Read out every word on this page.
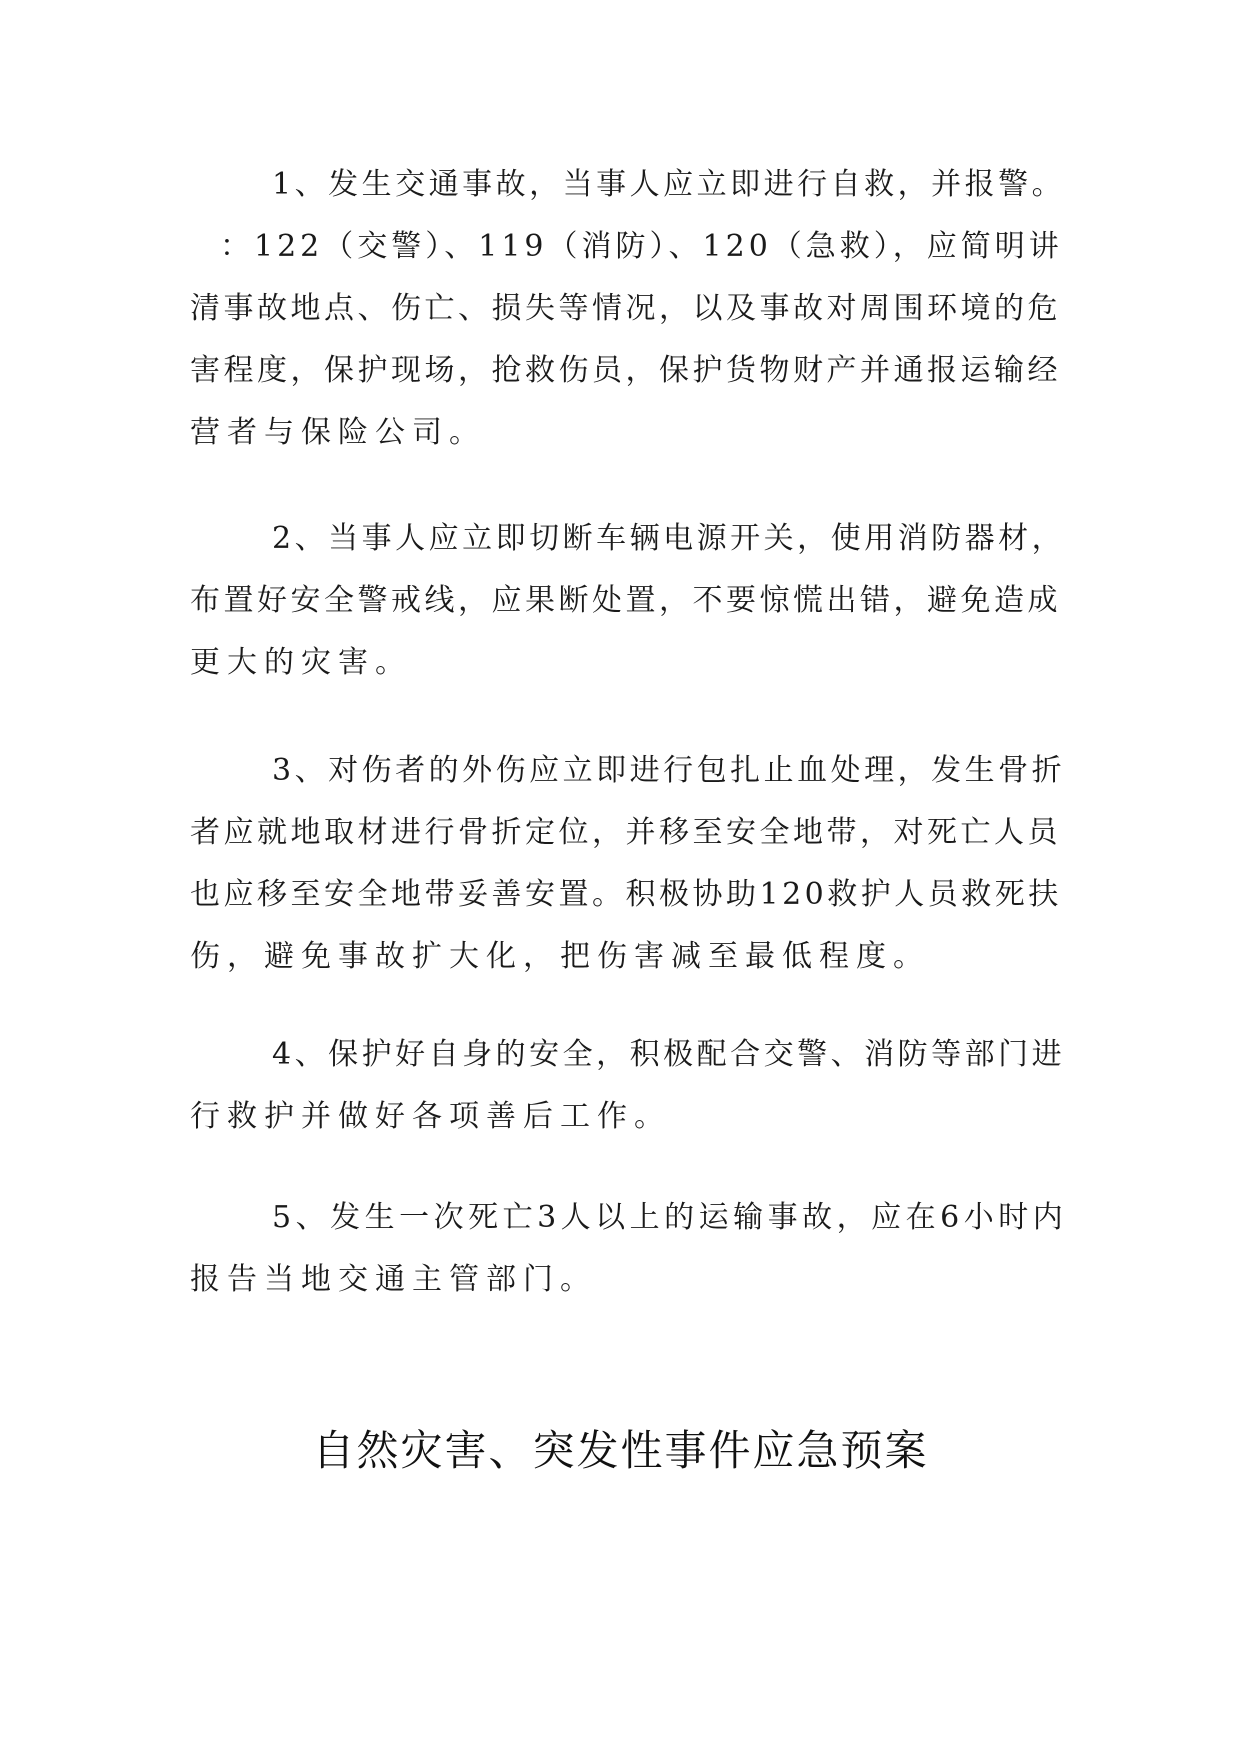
1、发生交通事故，当事人应立即进行自救，并报警。
：122（交警）、119（消防）、120（急救），应简明讲
清事故地点、伤亡、损失等情况，以及事故对周围环境的危
害程度，保护现场，抢救伤员，保护货物财产并通报运输经
营者与保险公司。
2、当事人应立即切断车辆电源开关，使用消防器材，
布置好安全警戒线，应果断处置，不要惊慌出错，避免造成
更大的灾害。
3、对伤者的外伤应立即进行包扎止血处理，发生骨折
者应就地取材进行骨折定位，并移至安全地带，对死亡人员
也应移至安全地带妥善安置。积极协助120救护人员救死扶
伤，避免事故扩大化，把伤害减至最低程度。
4、保护好自身的安全，积极配合交警、消防等部门进
行救护并做好各项善后工作。
5、发生一次死亡3人以上的运输事故，应在6小时内
报告当地交通主管部门。
自然灾害、突发性事件应急预案
